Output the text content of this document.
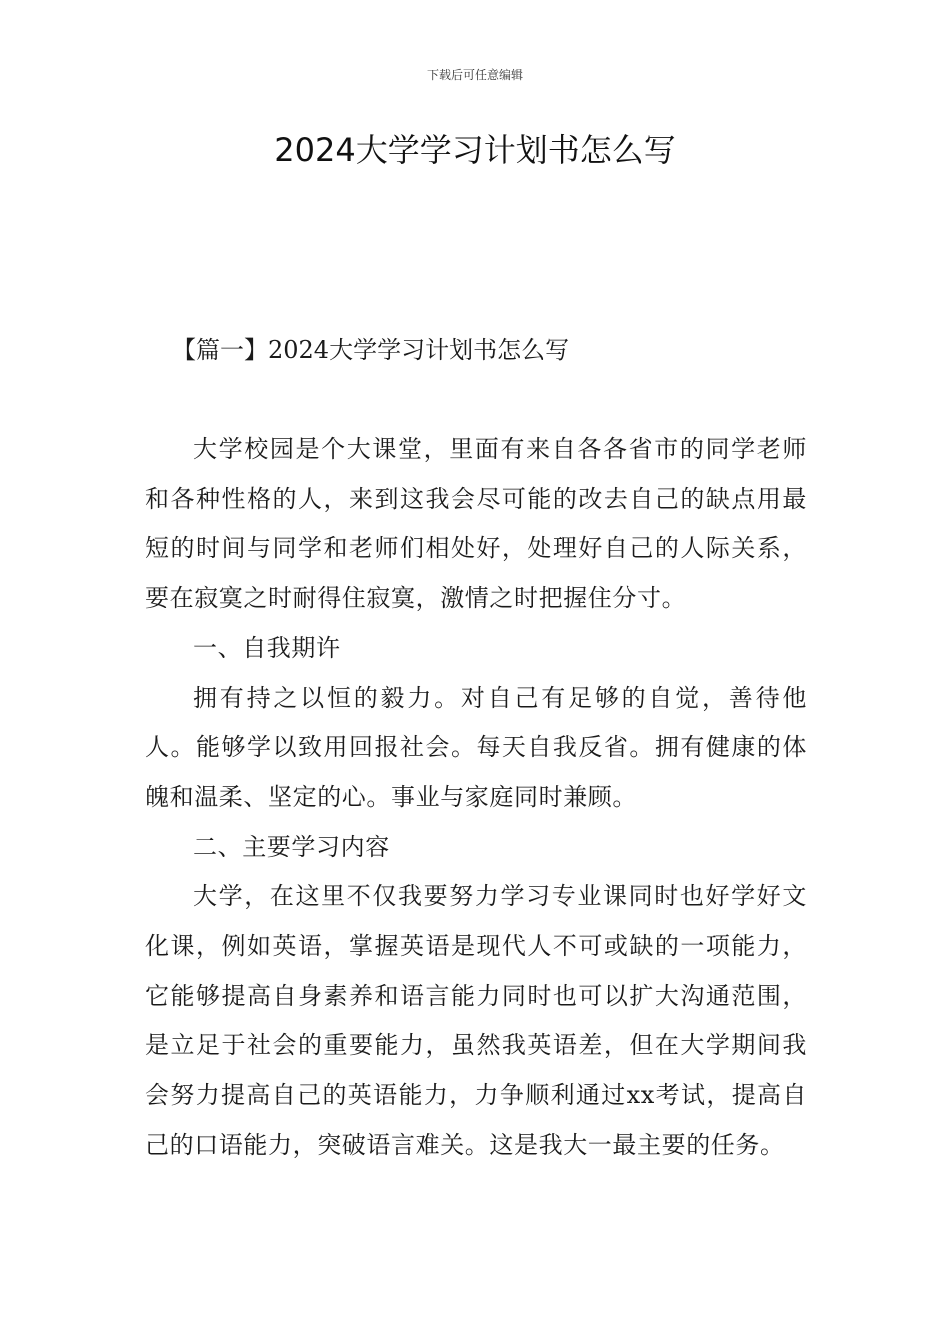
下载后可任意编辑
2024大学学习计划书怎么写
【篇一】2024大学学习计划书怎么写

大学校园是个大课堂，里面有来自各各省市的同学老师和各种性格的人，来到这我会尽可能的改去自己的缺点用最短的时间与同学和老师们相处好，处理好自己的人际关系，要在寂寞之时耐得住寂寞，激情之时把握住分寸。

一、自我期许

拥有持之以恒的毅力。对自己有足够的自觉，善待他人。能够学以致用回报社会。每天自我反省。拥有健康的体魄和温柔、坚定的心。事业与家庭同时兼顾。

二、主要学习内容

大学，在这里不仅我要努力学习专业课同时也好学好文化课，例如英语，掌握英语是现代人不可或缺的一项能力，它能够提高自身素养和语言能力同时也可以扩大沟通范围，是立足于社会的重要能力，虽然我英语差，但在大学期间我会努力提高自己的英语能力，力争顺利通过xx考试，提高自己的口语能力，突破语言难关。这是我大一最主要的任务。
